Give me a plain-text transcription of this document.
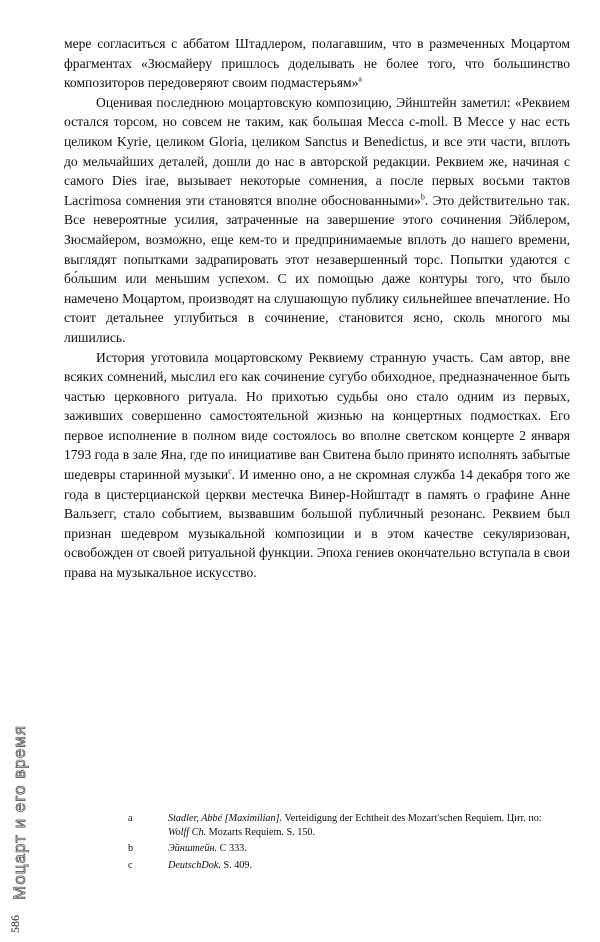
мере согласиться с аббатом Штадлером, полагавшим, что в размеченных Моцартом фрагментах «Зюсмайеру пришлось доделывать не более того, что большинство композиторов передоверяют своим подмастерьям»$^a$

Оценивая последнюю моцартовскую композицию, Эйнштейн заметил: «Реквием остался торсом, но совсем не таким, как большая Месса c-moll. В Мессе у нас есть целиком Kyrie, целиком Gloria, целиком Sanctus и Benedictus, и все эти части, вплоть до мельчайших деталей, дошли до нас в авторской редакции. Реквием же, начиная с самого Dies irae, вызывает некоторые сомнения, а после первых восьми тактов Lacrimosa сомнения эти становятся вполне обоснованными»$^b$. Это действительно так. Все невероятные усилия, затраченные на завершение этого сочинения Эйблером, Зюсмайером, возможно, еще кем-то и предпринимаемые вплоть до нашего времени, выглядят попытками задрапировать этот незавершенный торс. Попытки удаются с бо́льшим или меньшим успехом. С их помощью даже контуры того, что было намечено Моцартом, производят на слушающую публику сильнейшее впечатление. Но стоит детальнее углубиться в сочинение, становится ясно, сколь многого мы лишились.

История уготовила моцартовскому Реквиему странную участь. Сам автор, вне всяких сомнений, мыслил его как сочинение сугубо обиходное, предназначенное быть частью церковного ритуала. Но прихотью судьбы оно стало одним из первых, заживших совершенно самостоятельной жизнью на концертных подмостках. Его первое исполнение в полном виде состоялось во вполне светском концерте 2 января 1793 года в зале Яна, где по инициативе ван Свитена было принято исполнять забытые шедевры старинной музыки$^c$. И именно оно, а не скромная служба 14 декабря того же года в цистерцианской церкви местечка Винер-Нойштадт в память о графине Анне Вальзегг, стало событием, вызвавшим большой публичный резонанс. Реквием был признан шедевром музыкальной композиции и в этом качестве секуляризован, освобожден от своей ритуальной функции. Эпоха гениев окончательно вступала в свои права на музыкальное искусство.

a	Stadler, Abbé [Maximilian]. Verteidigung der Echtheit des Mozart'schen Requiem. Цит. по: Wolff Ch. Mozarts Requiem. S. 150.
b	Эйнштейн. С 333.
c	DeutschDok. S. 409.
Моцарт и его время
586
